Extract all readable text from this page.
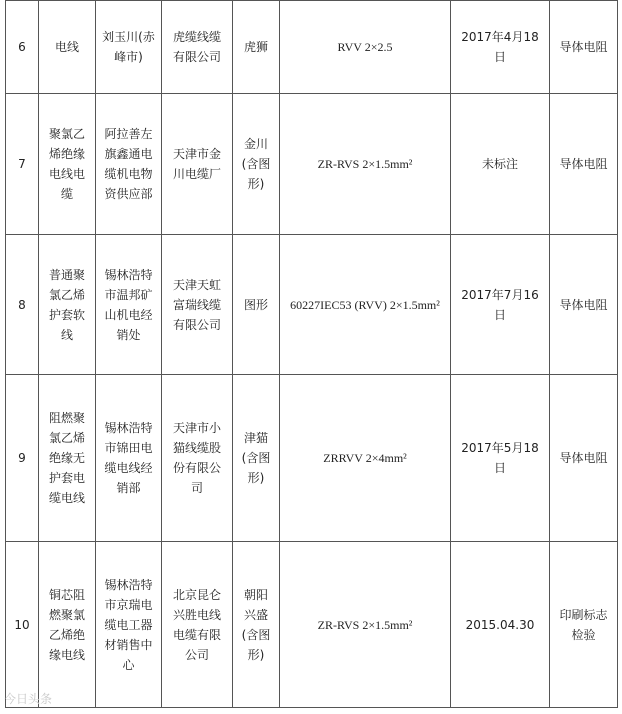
6	电线	刘玉川(赤峰市)	虎缆线缆有限公司	虎狮	RVV 2×2.5	2017年4月18日	导体电阻
7	聚氯乙烯绝缘电线电缆	阿拉善左旗鑫通电缆机电物资供应部	天津市金川电缆厂	金川(含图形)	ZR-RVS 2×1.5mm²	未标注	导体电阻
8	普通聚氯乙烯护套软线	锡林浩特市温邦矿山机电经销处	天津天虹富瑞线缆有限公司	图形	60227IEC53 (RVV) 2×1.5mm²	2017年7月16日	导体电阻
9	阻燃聚氯乙烯绝缘无护套电缆电线	锡林浩特市锦田电缆电线经销部	天津市小猫线缆股份有限公司	津猫(含图形)	ZRRVV 2×4mm²	2017年5月18日	导体电阻
10	铜芯阻燃聚氯乙烯绝缘电线	锡林浩特市京瑞电缆电工器材销售中心	北京昆仑兴胜电线电缆有限公司	朝阳兴盛(含图形)	ZR-RVS 2×1.5mm²	2015.04.30	印刷标志检验
今日头条
